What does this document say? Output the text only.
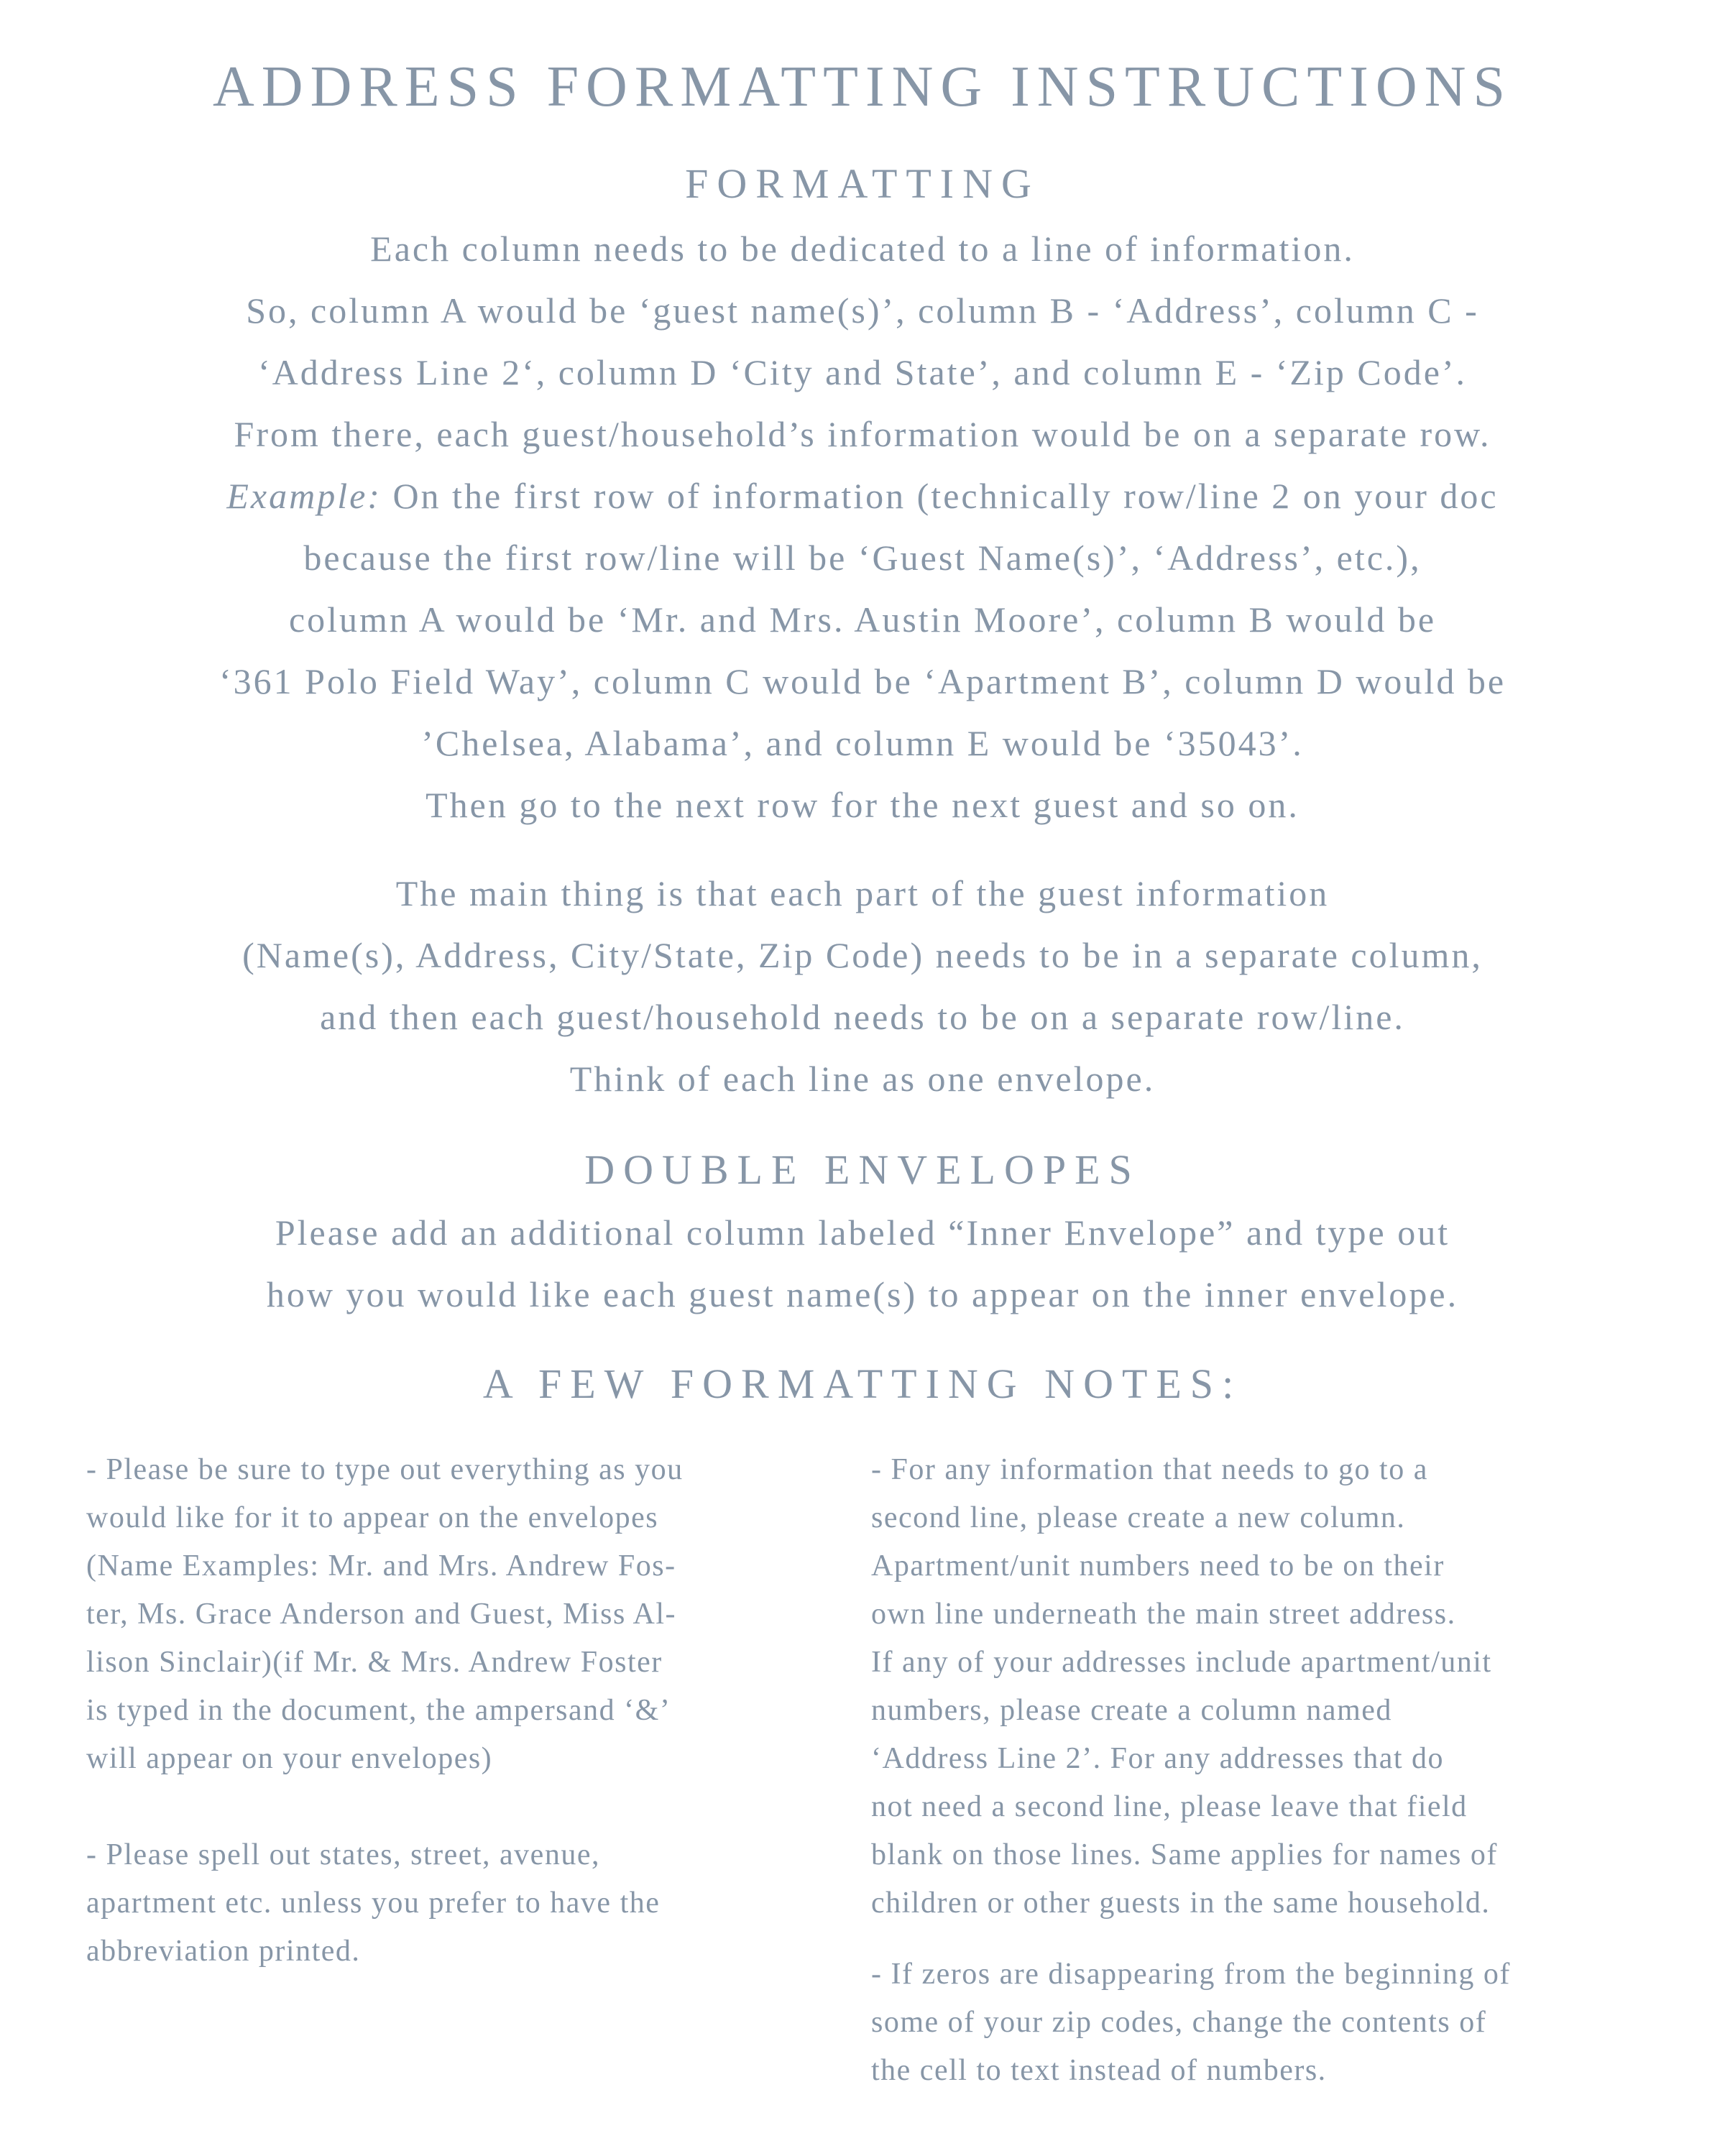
ADDRESS FORMATTING INSTRUCTIONS
FORMATTING
Each column needs to be dedicated to a line of information.
So, column A would be ‘guest name(s)’, column B - ‘Address’, column C -
‘Address Line 2‘, column D ‘City and State’, and column E - ‘Zip Code’.
From there, each guest/household’s information would be on a separate row.
Example: On the first row of information (technically row/line 2 on your doc
because the first row/line will be ‘Guest Name(s)’, ‘Address’, etc.),
column A would be ‘Mr. and Mrs. Austin Moore’, column B would be
‘361 Polo Field Way’, column C would be ‘Apartment B’, column D would be
’Chelsea, Alabama’, and column E would be ‘35043’.
Then go to the next row for the next guest and so on.
The main thing is that each part of the guest information
(Name(s), Address, City/State, Zip Code) needs to be in a separate column,
and then each guest/household needs to be on a separate row/line.
Think of each line as one envelope.
DOUBLE ENVELOPES
Please add an additional column labeled “Inner Envelope” and type out
how you would like each guest name(s) to appear on the inner envelope.
A FEW FORMATTING NOTES:
- Please be sure to type out everything as you
would like for it to appear on the envelopes
(Name Examples: Mr. and Mrs. Andrew Fos-
ter, Ms. Grace Anderson and Guest, Miss Al-
lison Sinclair)(if Mr. & Mrs. Andrew Foster
is typed in the document, the ampersand ‘&’
will appear on your envelopes)
- Please spell out states, street, avenue,
apartment etc. unless you prefer to have the
abbreviation printed.
- For any information that needs to go to a
second line, please create a new column.
Apartment/unit numbers need to be on their
own line underneath the main street address.
If any of your addresses include apartment/unit
numbers, please create a column named
‘Address Line 2’. For any addresses that do
not need a second line, please leave that field
blank on those lines. Same applies for names of
children or other guests in the same household.
- If zeros are disappearing from the beginning of
some of your zip codes, change the contents of
the cell to text instead of numbers.
